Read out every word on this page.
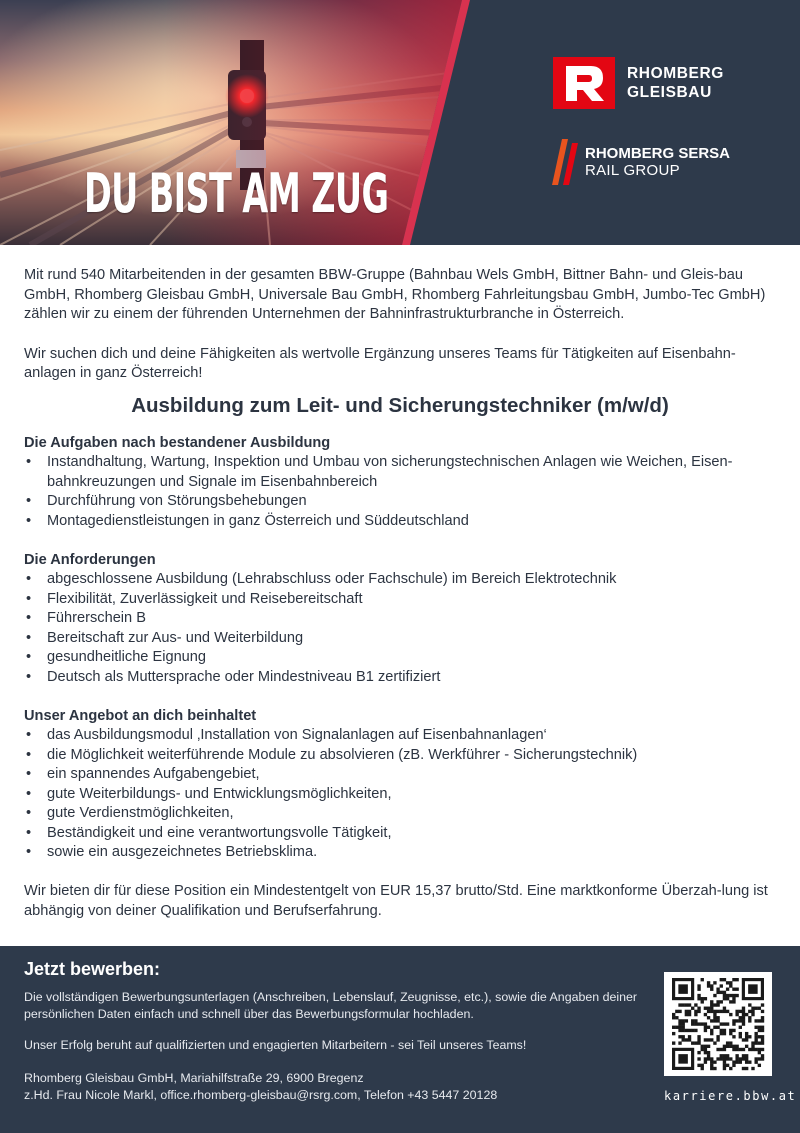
DU BIST AM ZUG
RHOMBERG
GLEISBAU
RHOMBERG SERSA
RAIL GROUP

Mit rund 540 Mitarbeitenden in der gesamten BBW-Gruppe (Bahnbau Wels GmbH, Bittner Bahn- und Gleis-bau GmbH, Rhomberg Gleisbau GmbH, Universale Bau GmbH, Rhomberg Fahrleitungsbau GmbH, Jumbo-Tec GmbH) zählen wir zu einem der führenden Unternehmen der Bahninfrastrukturbranche in Österreich.

Wir suchen dich und deine Fähigkeiten als wertvolle Ergänzung unseres Teams für Tätigkeiten auf Eisenbahn-anlagen in ganz Österreich!

Ausbildung zum Leit- und Sicherungstechniker (m/w/d)
Die Aufgaben nach bestandener Ausbildung
• Instandhaltung, Wartung, Inspektion und Umbau von sicherungstechnischen Anlagen wie Weichen, Eisen-bahnkreuzungen und Signale im Eisenbahnbereich
• Durchführung von Störungsbehebungen
• Montagedienstleistungen in ganz Österreich und Süddeutschland
Die Anforderungen
• abgeschlossene Ausbildung (Lehrabschluss oder Fachschule) im Bereich Elektrotechnik
• Flexibilität, Zuverlässigkeit und Reisebereitschaft
• Führerschein B
• Bereitschaft zur Aus- und Weiterbildung
• gesundheitliche Eignung
• Deutsch als Muttersprache oder Mindestniveau B1 zertifiziert
Unser Angebot an dich beinhaltet
• das Ausbildungsmodul ‚Installation von Signalanlagen auf Eisenbahnanlagen‘
• die Möglichkeit weiterführende Module zu absolvieren (zB. Werkführer - Sicherungstechnik)
• ein spannendes Aufgabengebiet,
• gute Weiterbildungs- und Entwicklungsmöglichkeiten,
• gute Verdienstmöglichkeiten,
• Beständigkeit und eine verantwortungsvolle Tätigkeit,
• sowie ein ausgezeichnetes Betriebsklima.

Wir bieten dir für diese Position ein Mindestentgelt von EUR 15,37 brutto/Std. Eine marktkonforme Überzah-lung ist abhängig von deiner Qualifikation und Berufserfahrung.

Jetzt bewerben:
Die vollständigen Bewerbungsunterlagen (Anschreiben, Lebenslauf, Zeugnisse, etc.), sowie die Angaben deiner persönlichen Daten einfach und schnell über das Bewerbungsformular hochladen.
Unser Erfolg beruht auf qualifizierten und engagierten Mitarbeitern - sei Teil unseres Teams!
Rhomberg Gleisbau GmbH, Mariahilfstraße 29, 6900 Bregenz
z.Hd. Frau Nicole Markl, office.rhomberg-gleisbau@rsrg.com, Telefon +43 5447 20128	karriere.bbw.at
